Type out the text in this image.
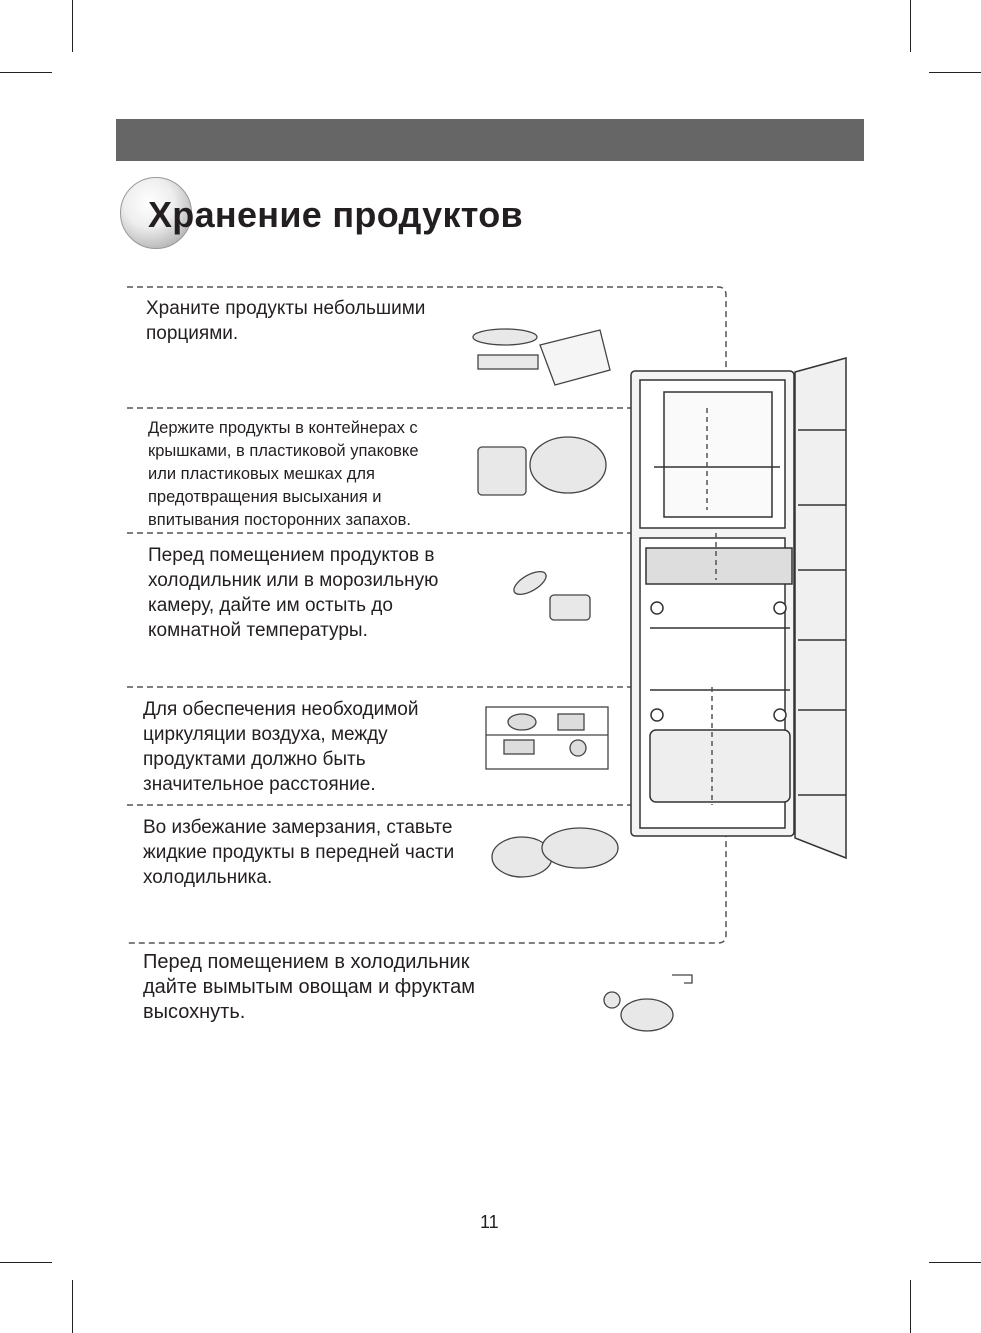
Хранение продуктов
Храните продукты небольшими
порциями.
Держите продукты в контейнерах с
крышками, в пластиковой упаковке
или пластиковых мешках для
предотвращения высыхания и
впитывания посторонних запахов.
Перед помещением продуктов в
холодильник или в морозильную
камеру, дайте им остыть до
комнатной температуры.
Для обеспечения необходимой
циркуляции воздуха, между
продуктами должно быть
значительное расстояние.
Во избежание замерзания, ставьте
жидкие продукты в передней части
холодильника.
Перед помещением в холодильник
дайте вымытым овощам и фруктам
высохнуть.
11
